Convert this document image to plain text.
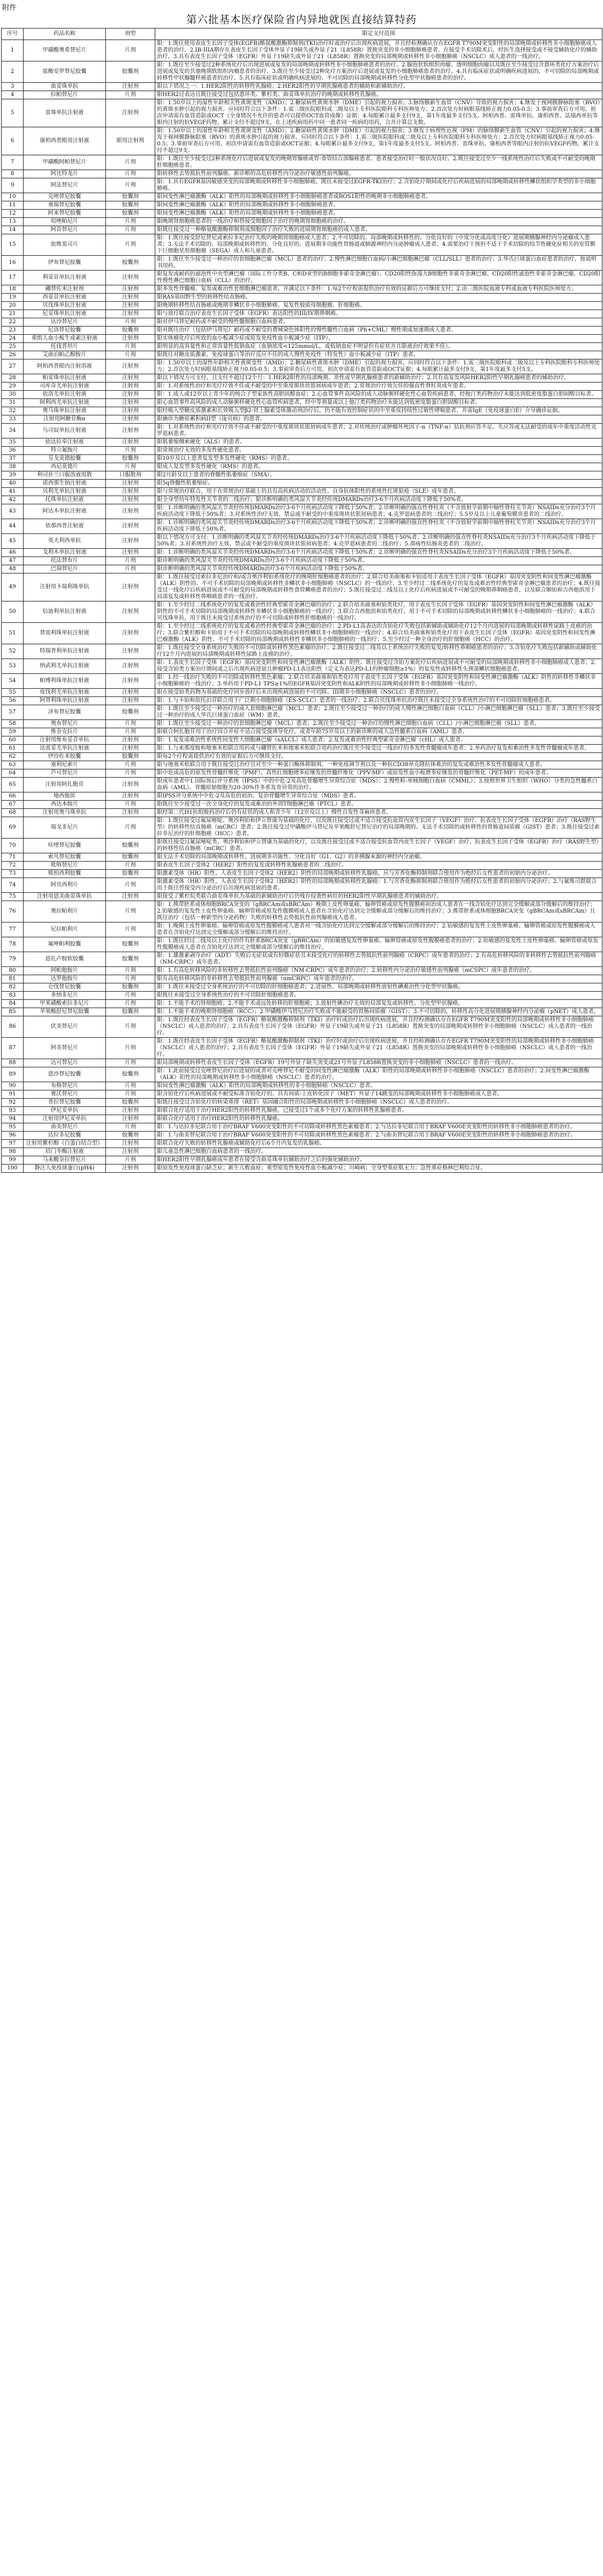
附件
第六批基本医疗保险省内异地就医直接结算特药
序号	药品名称	剂型	限定支付范围
1	甲磺酸奥希替尼片	片剂	限：1.既往使用表皮生长因子受体(EGFR)酪氨酸激酶抑制剂(TKI)治疗时或治疗后出现疾病进展，并且经检测确认存在EGFR T790M突变阳性的局部晚期或转移性非小细胞肺癌成人患者的治疗。2.IB-IIIA期存在表皮生长因子受体外显子19缺失或外显子21（L858R）置换突变的非小细胞肺癌患者，在接受手术切除术后，经医生选择接受或不接受辅助化疗的辅助治疗。3.具有表皮生长因子受体（EGFR）外显子19缺失或外显子21（L858R）置换突变的局部晚期或转移性非小细胞肺癌（NSCLC）成人患者的一线治疗。
2	盐酸安罗替尼胶囊	胶囊剂	限：1.既往至少接受过2种系统化疗后出现进展或复发的局部晚期或转移性非小细胞肺癌患者的治疗。2.腺泡状软组织肉瘤、透明细胞肉瘤以及既往至少接受过含蒽环类化疗方案治疗后进展或复发的其他晚期软组织肉瘤患者的治疗。3.既往至少接受过2种化疗方案治疗后进展或复发的小细胞肺癌患者的治疗。4.具有临床症状或明确疾病进展的、不可切除的局部晚期或转移性甲状腺髓样癌患者的治疗。5.具有临床症状或明确疾病进展的、不可切除的局部晚期或转移性分化型甲状腺癌患者的治疗。
3	曲妥珠单抗	注射剂	限以下情况之一：1.HER2阳性的转移性乳腺癌；2.HER2阳性的早期乳腺癌患者的辅助和新辅助治疗。
4	拉帕替尼片	片剂	限HER2过表达且既往接受过包括蒽环类、紫杉类、曲妥珠单抗治疗的晚期或转移性乳腺癌。
5	雷珠单抗注射液	注射剂	限：1.50岁以上的湿性年龄相关性黄斑变性（AMD）；2.糖尿病性黄斑水肿（DME）引起的视力损害；3.脉络膜新生血管（CNV）导致的视力损害；4.继发于视网膜静脉阻塞（RVO）的黄斑水肿引起的视力损害。应同时符合以下条件：1.需三级医院眼科或二级及以上专科医院眼科专科医师处方；2.首次处方时病眼基线矫正视力0.05-0.5；3.事前审查后方可用，初次申请需有血管造影或OCT（全身情况不允许的患者可以提供OCT血管成像）证据；4.每眼累计最多支付9支，第1年度最多支付5支。阿柏西普、雷珠单抗、康柏西普、法瑞西单抗等眼内注射的抗VEGF药物，累计支付不超过9支，在上述疾病用药中同一患者同一疾病的用药，合并计算总支数。
6	康柏西普眼用注射液	眼用注射剂	限：1.50岁以上的湿性年龄相关性黄斑变性（AMD）；2.糖尿病性黄斑水肿（DME）引起的视力损害；3.继发于病理性近视（PM）的脉络膜新生血管（CNV）引起的视力损害；4.继发于视网膜静脉阻塞（RVO）的黄斑水肿引起的视力损害。应同时符合以下条件：1.需三级医院眼科或二级及以上专科医院眼科专科医师处方；2.首次处方时病眼基线矫正视力0.05-0.5；3.事前审查后方可用，初次申请需有血管造影或OCT证据；4.每眼累计最多支付9支，第1年度最多支付5支。阿柏西普、雷珠单抗、康柏西普等眼内注射的抗VEGF药物，累计支付不超过9支。
7	甲磺酸阿帕替尼片	片剂	限：1.既往至少接受过2种系统化疗后进展或复发的晚期胃腺癌或胃-食管结合部腺癌患者。患者接受治疗时一般状况良好。2.既往接受过至少一线系统性治疗后失败或不可耐受的晚期肝细胞癌患者。
8	阿比特龙片	片剂	限转移性去势抵抗性前列腺癌、新诊断的高危转移性内分泌治疗敏感性前列腺癌。
9	阿法替尼片	片剂	限：1.具有EGFR基因敏感突变的局部晚期或转移性非小细胞肺癌，既往未接受过EGFR-TKI治疗；2.含铂化疗期间或化疗后疾病进展的局部晚期或转移性鳞状组织学类型的非小细胞肺癌。
10	克唑替尼胶囊	胶囊剂	限间变性淋巴瘤激酶（ALK）阳性的局部晚期或转移性非小细胞肺癌患者或ROS1阳性的晚期非小细胞肺癌患者。
11	塞瑞替尼胶囊	胶囊剂	限间变性淋巴瘤激酶（ALK）阳性的局部晚期或转移性非小细胞肺癌患者。
12	阿来替尼胶囊	胶囊剂	限间变性淋巴瘤激酶（ALK）阳性的局部晚期或转移性非小细胞肺癌患者。
13	培唑帕尼片	片剂	限晚期肾细胞癌患者的一线治疗和曾接受细胞因子治疗的晚期肾细胞癌的治疗。
14	阿昔替尼片	片剂	限既往接受过一种酪氨酸激酶抑制剂或细胞因子治疗失败的进展期肾细胞癌的成人患者。
15	依维莫司片	片剂	限：1.既往接受舒尼替尼或索拉非尼治疗失败的晚期肾细胞癌成人患者；2.不可切除的、局部晚期或转移性的、分化良好的（中度分化或高度分化）进展期胰腺神经内分泌瘤成人患者；3.无法手术切除的、局部晚期或转移性的、分化良好的、进展期非功能性胃肠道或肺源神经内分泌肿瘤成人患者；4.需要治疗干预但不适于手术切除的结节性硬化症相关的室管膜下巨细胞星形细胞瘤（SEGA）成人和儿童患者。
16	伊布替尼胶囊	胶囊剂	限：1.既往至少接受过一种治疗的套细胞淋巴瘤（MCL）患者的治疗；2.慢性淋巴细胞白血病/小淋巴细胞淋巴瘤（CLL/SLL）患者的治疗；3.华氏巨球蛋白血症患者的治疗，按说明书用药。
17	利妥昔单抗注射液	注射剂	限复发或耐药的滤泡性中央型淋巴瘤（国际工作分类B、C和D亚型的B细胞非霍奇金淋巴瘤）、CD20阳性弥漫大B细胞性非霍奇金淋巴瘤、CD20阳性滤泡性非霍奇金淋巴瘤、CD20阳性慢性淋巴细胞白血病（CLL）的治疗。
18	硼替佐米注射剂	注射剂	限多发性骨髓瘤、复发或难治性套细胞淋巴瘤患者，并满足以下条件：1.每2个疗程需提供治疗有效的证据后方可继续支付；2.由三级医院血液专科或血液专科医院医师处方。
19	西妥昔单抗注射液	注射剂	限RAS基因野生型的转移性结直肠癌。
20	贝伐珠单抗注射液	注射剂	限晚期转移性结直肠癌或晚期非鳞状非小细胞肺癌、复发性胶质母细胞瘤、肝细胞癌。
21	尼妥珠单抗注射液	注射剂	限与放疗联合治疗表皮生长因子受体（EGFR）表达阳性的III/IV期鼻咽癌。
22	达沙替尼片	片剂	限对伊马替尼耐药或不耐受的慢性髓细胞白血病患者。
23	尼洛替尼胶囊	胶囊剂	限对既往治疗（包括伊马替尼）耐药或不耐受的费城染色体阳性的慢性髓性白血病（Ph+CML）慢性期或加速期成人患者。
24	重组人血小板生成素注射液	注射剂	限实体瘤化疗后所致的血小板减少症或原发免疫性血小板减少症（ITP）。
25	托伐普坦片	片剂	限明显的高容量性和正常容量性低钠血症（血钠浓度<125mmol/L，或低钠血症不明显但有症状并且限液治疗效果不佳）。
26	艾曲泊帕乙醇胺片	片剂	限既往对糖皮质激素、免疫球蛋白等治疗反应不佳的成人慢性免疫性（特发性）血小板减少症（ITP）患者。
27	阿柏西普眼内注射溶液	注射剂	限：1.50岁以上的湿性年龄相关性黄斑变性（AMD）；2.糖尿病性黄斑水肿（DME）引起的视力损害。应同时符合以下条件：1.需三级医院眼科或二级及以上专科医院眼科专科医师处方；2.首次处方时病眼基线矫正视力0.05-0.5；3.事前审查后方可用，初次申请需有血管造影或OCT证据；4.每眼累计最多支付9支，第1年度最多支付5支。
28	帕妥珠单抗注射液	注射剂	限以下情况方可支付，且支付不超过12个月：1.HER2阳性的局部晚期、炎性或早期乳腺癌患者的新辅助治疗；2.具有高复发风险HER2阳性早期乳腺癌患者的辅助治疗。
29	司库奇尤单抗注射液	注射剂	限：1.对系统性治疗和光疗疗效不佳或不耐受的中至重度斑块状银屑病成年患者；2.常规治疗疗效欠佳的强直性脊柱炎成年患者。
30	依洛尤单抗注射液	注射剂	限：1.成人或12岁以上青少年的纯合子型家族性高胆固醇血症；2.心血管事件高风险的成人动脉粥样硬化性心血管疾病患者，经他汀类药物治疗未能达到低密度脂蛋白胆固醇目标者。
31	阿利西尤单抗注射液	注射剂	限心血管事件高风险的成人动脉粥样硬化性心血管疾病患者，经中等剂量或以上他汀类药物治疗未能达到低密度脂蛋白胆固醇目标者。
32	奥马珠单抗注射液	注射剂	限经吸入型糖皮质激素和长效吸入型β2-肾上腺素受体激动剂治疗后，仍不能有效控制症状的中至重度持续性过敏性哮喘患者，并需IgE（免疫球蛋白E）介导确诊证据。
33	注射用阿糖苷酶α	注射剂	限确诊为糖原累积病II型（庞贝病）的患者。
34	乌司奴单抗注射液	注射剂	限：1.对系统性治疗和光疗疗效不佳或不耐受的中重度斑块状银屑病成年患者；2.对传统治疗或肿瘤坏死因子-α（TNF-α）拮抗剂应答不足、失应答或无法耐受的成年中重度活动性克罗恩病患者。
35	依达拉奉注射液	注射剂	限肌萎缩侧索硬化（ALS）的患者。
36	特立氟胺片	片剂	限常规治疗无效的多发性硬化患者。
37	芬戈莫德胶囊	胶囊剂	限10岁及以上患者复发型多发性硬化（RMS）的患者。
38	西尼莫德片	片剂	限成人复发型多发性硬化（RMS）的患者。
39	利司扑兰口服溶液用散	口服散剂	限2月龄及以上患者的脊髓性肌萎缩症（SMA）。
40	诺西那生钠注射液	注射剂	限5q脊髓性肌萎缩症。
41	贝利尤单抗注射液	注射剂	限与常规治疗联合，用于在常规治疗基础上仍具有高疾病活动的活动性、自身抗体阳性的系统性红斑狼疮（SLE）成年患者。
42	托珠单抗注射液	注射剂	限全身型幼年特发性关节炎的二线治疗；限诊断明确的类风湿关节炎经传统DMARDs治疗3-6个月疾病活动度下降低于50%者。
43	阿达木单抗注射液	注射剂	限：1.诊断明确的类风湿关节炎经传统DMARDs治疗3-6个月疾病活动度下降低于50%者；2.诊断明确的强直性脊柱炎（不含放射学前期中轴性脊柱关节炎）NSAIDs充分治疗3个月疾病活动度下降低于50%者；3.对系统性治疗无效、禁忌或不耐受的中重度斑块状银屑病患者；4.克罗恩病患者的二线治疗；5.5岁及以上儿童葡萄膜炎患者的二线治疗。
44	依那西普注射液	注射剂	限：1.诊断明确的类风湿关节炎经传统DMARDs治疗3-6个月疾病活动度下降低于50%者；2.诊断明确的强直性脊柱炎（不含放射学前期中轴性脊柱关节炎）NSAIDs充分治疗3个月疾病活动度下降低于50%者。
45	英夫利西单抗	注射剂	限以下情况方可支付：1.诊断明确的类风湿关节炎经传统DMARDs治疗3-6个月疾病活动度下降低于50%者；2.诊断明确的强直性脊柱炎NSAIDs充分治疗3个月疾病活动度下降低于50%者；3.对系统性治疗无效、禁忌或不耐受的重度斑块状银屑病患者；4.克罗恩病患者的二线治疗；5.溃疡性结肠炎患者的二线治疗。
46	戈利木单抗注射液	注射剂	限：1.诊断明确的类风湿关节炎经传统DMARDs治疗3-6个月疾病活动度下降低于50%者；2.诊断明确的强直性脊柱炎NSAIDs充分治疗3个月疾病活动度下降低于50%者。
47	托法替布片	片剂	限诊断明确的类风湿关节炎经传统DMARDs治疗3-6个月疾病活动度下降低于50%者。
48	巴瑞替尼片	片剂	限诊断明确的类风湿关节炎经传统DMARDs治疗3-6个月疾病活动度下降低于50%者。
49	注射用卡瑞利珠单抗	注射剂	限：1.既往接受过索拉非尼治疗和/或含奥沙利铂系统化疗的晚期肝细胞癌患者的治疗；2.联合培美曲塞和卡铂适用于表皮生长因子受体（EGFR）基因突变阴性和间变性淋巴瘤激酶（ALK）阴性的、不可手术切除的局部晚期或转移性非鳞状非小细胞肺癌（NSCLC）的一线治疗；3.至少经过二线系统化疗的复发或难治性经典型霍奇金淋巴瘤患者的治疗；4.既往接受过一线化疗后疾病进展或不可耐受的局部晚期或转移性食管鳞癌患者的治疗；5.既往接受过二线及以上化疗后疾病进展或不可耐受的晚期鼻咽癌患者，以及联合顺铂和吉西他滨用于局部复发或转移性鼻咽癌患者的一线治疗。
50	信迪利单抗注射液	注射剂	限：1.至少经过二线系统化疗的复发或难治性经典型霍奇金淋巴瘤的治疗；2.联合培美曲塞和铂类化疗，用于表皮生长因子受体（EGFR）基因突变阴性和间变性淋巴瘤激酶（ALK）阴性的不可手术切除的局部晚期或转移性非鳞状非小细胞肺癌的一线治疗；3.联合吉西他滨和铂类化疗，用于不可手术切除的局部晚期或转移性鳞状非小细胞肺癌的一线治疗；4.联合贝伐珠单抗，用于既往未接受过系统治疗的不可切除或转移性肝细胞癌的一线治疗。
51	替雷利珠单抗注射液	注射剂	限：1.至少经过二线系统化疗的复发或难治性经典型霍奇金淋巴瘤的治疗；2.PD-L1高表达的含铂化疗失败包括新辅助或辅助化疗12个月内进展的局部晚期或转移性尿路上皮癌的治疗；3.联合紫杉醇和卡铂用于不可手术切除的局部晚期或转移性鳞状非小细胞肺癌的一线治疗；4.联合培美曲塞和铂类化疗用于表皮生长因子受体（EGFR）基因突变阴性和间变性淋巴瘤激酶（ALK）阴性、不可手术切除的局部晚期或转移性非鳞状非小细胞肺癌的一线治疗；5.至少经过一种全身治疗的肝细胞癌（HCC）的治疗。
52	特瑞普利单抗注射液	注射剂	限：1.既往接受全身系统治疗失败的不可切除或转移性黑色素瘤的治疗；2.既往接受过二线及以上系统治疗失败的复发/转移性鼻咽癌患者的治疗；3.含铂化疗失败包括新辅助或辅助化疗12个月内进展的局部晚期或转移性尿路上皮癌的治疗。
53	纳武利尤单抗注射液	注射剂	限：1.表皮生长因子受体（EGFR）基因突变阴性和间变性淋巴瘤激酶（ALK）阴性、既往接受过含铂方案化疗后疾病进展或不可耐受的局部晚期或转移性非小细胞肺癌成人患者；2.接受含铂类方案治疗期间或之后出现疾病进展且肿瘤PD-L1表达阳性（定义为表达PD-L1的肿瘤细胞≥1%）的复发性或转移性头颈部鳞状细胞癌患者。
54	帕博利珠单抗注射液	注射剂	限：1.经一线治疗失败的不可切除或转移性黑色素瘤；2.联合培美曲塞和铂类化疗用于表皮生长因子受体（EGFR）基因突变阴性和间变性淋巴瘤激酶（ALK）阴性的转移性非鳞状非小细胞肺癌的一线治疗；3.单药用于PD-L1 TPS≥1%的EGFR基因突变阴性和ALK阴性的局部晚期或转移性非小细胞肺癌一线治疗。
55	度伐利尤单抗注射液	注射剂	限在接受铂类药物为基础的化疗同步放疗后未出现疾病进展的不可切除、III期非小细胞肺癌（NSCLC）患者的治疗。
56	阿替利珠单抗注射液	注射剂	限：1.与卡铂和依托泊苷联合用于广泛期小细胞肺癌（ES-SCLC）患者的一线治疗；2.联合贝伐珠单抗治疗既往未接受过全身系统性治疗的不可切除肝细胞癌患者。
57	泽布替尼胶囊	胶囊剂	限：1.既往至少接受过一种治疗的成人套细胞淋巴瘤（MCL）患者；2.既往至少接受过一种治疗的成人慢性淋巴细胞白血病（CLL）/小淋巴细胞淋巴瘤（SLL）患者；3.既往至少接受过一种治疗的成人华氏巨球蛋白血症（WM）患者。
58	奥布替尼片	片剂	限：1.既往至少接受过一种治疗的套细胞淋巴瘤（MCL）患者；2.既往至少接受过一种治疗的慢性淋巴细胞白血病（CLL）/小淋巴细胞淋巴瘤（SLL）患者。
59	维奈克拉片	片剂	限联合阿扎胞苷用于治疗因合并症不适合接受强诱导化疗，或者年龄75岁及以上的新诊断的成人急性髓系白血病（AML）患者。
60	注射用维布妥昔单抗	注射剂	限：1.复发或难治性系统性间变性大细胞淋巴瘤（sALCL）成人患者；2.复发或难治性经典型霍奇金淋巴瘤（cHL）成人患者。
61	达雷妥尤单抗注射液	注射剂	限：1.与来那度胺和地塞米松联合用药或与硼替佐米和地塞米松联合用药治疗既往至少接受过一线治疗的多发性骨髓瘤成年患者；2.单药治疗复发和难治性多发性骨髓瘤成年患者。
62	伊沙佐米胶囊	胶囊剂	限每2个疗程需提供治疗有效的证据后方可继续支付。
63	塞利尼索片	片剂	限与地塞米松联合用于既往接受过治疗且对至少一种蛋白酶体抑制剂、一种免疫调节剂以及一种抗CD38单克隆抗体难治的复发或难治性多发性骨髓瘤成人患者。
64	芦可替尼片	片剂	限中危或高危的原发性骨髓纤维化（PMF）、真性红细胞增多症继发的骨髓纤维化（PPV-MF）或原发性血小板增多症继发的骨髓纤维化（PET-MF）的成年患者。
65	注射用阿扎胞苷	注射剂	限成年患者中1.国际预后评分系统（IPSS）中的中危-2及高危骨髓增生异常综合征（MDS）；2.慢性粒-单核细胞白血病（CMML）；3.按照世界卫生组织（WHO）分类的急性髓系白血病（AML）、骨髓原始细胞为20-30%伴多系发育异常的治疗。
66	地西他滨	注射剂	限IPSS评分系统中中危-2及高危的初治、复治骨髓增生异常综合征（MDS）患者。
67	西达本胺片	片剂	限既往至少接受过一次全身化疗的复发或难治的外周T细胞淋巴瘤（PTCL）患者。
68	注射用奥马珠单抗	注射剂	限经第二代H1抗组胺药治疗后仍有症状的成人和青少年（12岁及以上）慢性自发性荨麻疹患者。
69	瑞戈非尼片	片剂	限：1.既往接受过氟尿嘧啶、奥沙利铂和伊立替康为基础的化疗，以及既往接受过或不适合接受抗血管内皮生长因子（VEGF）治疗、抗表皮生长因子受体（EGFR）治疗（RAS野生型）的转移性结直肠癌（mCRC）患者；2.既往接受过甲磺酸伊马替尼及苹果酸舒尼替尼治疗的局部晚期的、无法手术切除的或转移性的胃肠道间质瘤（GIST）患者；3.既往接受过索拉非尼治疗的肝细胞癌（HCC）患者。
70	呋喹替尼胶囊	胶囊剂	限既往接受过氟尿嘧啶类、奥沙利铂和伊立替康为基础的化疗，以及既往接受过或不适合接受抗血管内皮生长因子（VEGF）治疗、抗表皮生长因子受体（EGFR）治疗（RAS野生型）的转移性结直肠癌（mCRC）患者。
71	索凡替尼胶囊	胶囊剂	限无法手术切除的局部晚期或转移性、进展期非功能性、分化良好（G1、G2）的非胰腺来源的神经内分泌瘤。
72	吡咯替尼片	片剂	限表皮生长因子受体2（HER2）阳性的复发或转移性乳腺癌患者的二线治疗。
73	哌柏西利胶囊	胶囊剂	限激素受体（HR）阳性、人表皮生长因子受体2（HER2）阴性的局部晚期或转移性乳腺癌，应与芳香化酶抑制剂联合使用作为绝经后女性患者的初始内分泌治疗。
74	阿贝西利片	片剂	限激素受体（HR）阳性、人表皮生长因子受体2（HER2）阴性的局部晚期或转移性乳腺癌：1.与芳香化酶抑制剂联合使用作为绝经后女性患者的初始内分泌治疗；2.与氟维司群联合用于既往曾接受内分泌治疗后出现疾病进展的患者。
75	注射用恩美曲妥珠单抗	注射剂	限接受了紫杉烷类联合曲妥珠单抗为基础的新辅助治疗后仍残存侵袭性病灶的HER2阳性早期乳腺癌患者的辅助治疗。
76	奥拉帕利片	片剂	限：1.携带胚系或体细胞BRCA突变的（gBRCAm或sBRCAm）晚期上皮性卵巢癌、输卵管癌或原发性腹膜癌初治成人患者在一线含铂化疗达到完全缓解或部分缓解后的维持治疗；2.铂敏感的复发性上皮性卵巢癌、输卵管癌或原发性腹膜癌成人患者在含铂化疗达到完全缓解或部分缓解后的维持治疗；3.携带胚系或体细胞BRCA突变（gBRCAm或sBRCAm）且既往治疗（包括一种新型内分泌药物）失败的转移性去势抵抗性前列腺癌成人患者。
77	尼拉帕利片	片剂	限：1.晚期上皮性卵巢癌、输卵管癌或原发性腹膜癌成人患者对一线含铂化疗达到完全缓解或部分缓解后的维持治疗；2.铂敏感的复发性上皮性卵巢癌、输卵管癌或原发性腹膜癌成人患者在含铂化疗达到完全缓解或部分缓解后的维持治疗。
78	氟唑帕利胶囊	胶囊剂	限：1.既往经过二线及以上化疗的伴有胚系BRCA突变（gBRCAm）的铂敏感复发性卵巢癌、输卵管癌或原发性腹膜癌患者的治疗；2.铂敏感的复发性上皮性卵巢癌、输卵管癌或原发性腹膜癌成人患者在含铂化疗达到完全缓解或部分缓解后的维持治疗。
79	恩扎卢胺软胶囊	胶囊剂	限：1.雄激素剥夺治疗（ADT）失败后无症状或有轻微症状且未接受化疗的转移性去势抵抗性前列腺癌（CRPC）成年患者的治疗；2.有高危转移风险的非转移性去势抵抗性前列腺癌（NM-CRPC）成年患者。
80	阿帕他胺片	片剂	限：1.有高危转移风险的非转移性去势抵抗性前列腺癌（NM-CRPC）成年患者的治疗；2.转移性内分泌治疗敏感性前列腺癌（mCSPC）成年患者的治疗。
81	达罗他胺片	片剂	限有高危转移风险的非转移性去势抵抗性前列腺癌（nmCRPC）成年患者的治疗。
82	仑伐替尼胶囊	胶囊剂	限：1.既往未接受过全身系统治疗的不可切除的肝细胞癌患者；2.进展性、局部晚期或转移性放射性碘难治性分化型甲状腺癌。
83	多纳非尼片	片剂	限既往未接受过全身系统性治疗的不可切除肝细胞癌患者。
84	甲苯磺酸索拉非尼片	片剂	限：1.不能手术的肾细胞癌；2.不能手术或远处转移的肝细胞癌；3.放射性碘治疗无效的局部复发或转移性、分化型甲状腺癌。
85	苹果酸舒尼替尼胶囊	胶囊剂	限：1.不能手术的晚期肾细胞癌（RCC）；2.甲磺酸伊马替尼治疗失败或不能耐受的胃肠间质瘤（GIST）；3.不可切除的，转移性高分化进展期胰腺神经内分泌瘤（pNET）成人患者。
86	伏美替尼片	片剂	限：1.既往经表皮生长因子受体（EGFR）酪氨酸激酶抑制剂（TKI）治疗时或治疗后出现疾病进展，并且经检测确认存在EGFR T790M突变阳性的局部晚期或转移性非小细胞肺癌（NSCLC）成人患者的治疗；2.具有表皮生长因子受体（EGFR）外显子19缺失或外显子21（L858R）置换突变的局部晚期或转移性非小细胞肺癌（NSCLC）成人患者的一线治疗。
87	阿美替尼片	片剂	限：1.既往经表皮生长因子受体（EGFR）酪氨酸激酶抑制剂（TKI）治疗时或治疗后出现疾病进展，并且经检测确认存在EGFR T790M突变阳性的局部晚期或转移性非小细胞肺癌（NSCLC）成人患者的治疗；2.具有表皮生长因子受体（EGFR）外显子19缺失或外显子21（L858R）置换突变的局部晚期或转移性非小细胞肺癌（NSCLC）成人患者的一线治疗。
88	达可替尼片	片剂	限局部晚期或转移性表皮生长因子受体（EGFR）19号外显子缺失突变或21号外显子L858R置换突变的非小细胞肺癌（NSCLC）患者的一线治疗。
89	恩沙替尼胶囊	胶囊剂	限：1.此前接受过克唑替尼治疗后进展的或者对克唑替尼不耐受的间变性淋巴瘤激酶（ALK）阳性的局部晚期或转移性非小细胞肺癌（NSCLC）患者的治疗；2.间变性淋巴瘤激酶（ALK）阳性的局部晚期或转移性非小细胞肺癌（NSCLC）患者的治疗。
90	布格替尼片	片剂	限间变性淋巴瘤激酶（ALK）阳性的局部晚期或转移性的非小细胞肺癌（NSCLC）患者。
91	赛沃替尼片	片剂	限含铂化疗后疾病进展或不耐受标准含铂化疗的、具有间质-上皮转化因子（MET）外显子14跳变的局部晚期或转移性非小细胞肺癌成人患者。
92	普拉替尼胶囊	胶囊剂	限既往接受过含铂化疗的转染重排（RET）基因融合阳性的局部晚期或转移性非小细胞肺癌（NSCLC）成人患者的治疗。
93	伊尼妥单抗	注射剂	限联合化疗适用于治疗HER2阳性的转移性乳腺癌，已接受过1个或多个化疗方案的转移性乳腺癌患者。
94	注射用伊尼妥单抗	注射剂	限联合化疗适用于治疗HER2阳性的转移性乳腺癌。
95	曲美替尼片	片剂	限：1.与达拉非尼联合用于治疗BRAF V600突变阳性的不可切除或转移性黑色素瘤患者；2.与达拉非尼联合用于BRAF V600E突变阳性的转移性非小细胞肺癌患者的治疗。
96	达拉非尼胶囊	胶囊剂	限：1.与曲美替尼联合用于治疗BRAF V600突变阳性的不可切除或转移性黑色素瘤患者；2.与曲美替尼联合用于BRAF V600E突变阳性的转移性非小细胞肺癌患者的治疗。
97	注射用紫杉醇（白蛋白结合型）	注射剂	限联合化疗失败的转移性乳腺癌或辅助化疗后6个月内复发的乳腺癌。
98	培门冬酶注射液	注射剂	限儿童急性淋巴细胞白血病患者的一线治疗。
99	马来酸奈拉替尼片	片剂	限HER2阳性早期乳腺癌成年患者在接受含曲妥珠单抗辅助治疗之后的强化辅助治疗。
100	静注人免疫球蛋白(pH4)	注射剂	限原发性免疫球蛋白缺乏症；新生儿败血症；重型原发性免疫性血小板减少症；川崎病；全身型重症肌无力；急性重症格林巴利综合征。
